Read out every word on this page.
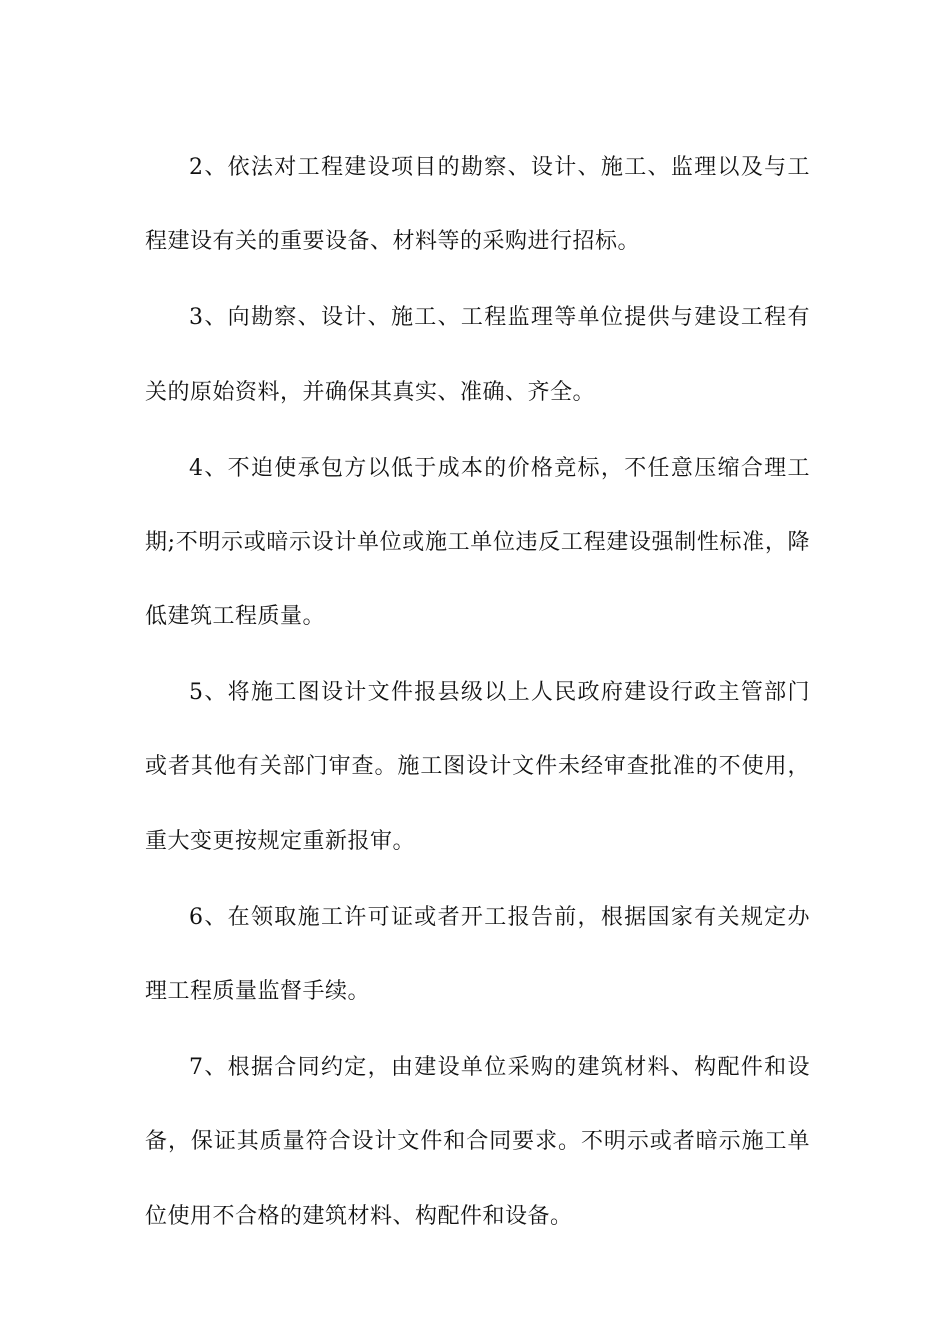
2、依法对工程建设项目的勘察、设计、施工、监理以及与工程建设有关的重要设备、材料等的采购进行招标。

3、向勘察、设计、施工、工程监理等单位提供与建设工程有关的原始资料，并确保其真实、准确、齐全。

4、不迫使承包方以低于成本的价格竞标，不任意压缩合理工期;不明示或暗示设计单位或施工单位违反工程建设强制性标准，降低建筑工程质量。

5、将施工图设计文件报县级以上人民政府建设行政主管部门或者其他有关部门审查。施工图设计文件未经审查批准的不使用，重大变更按规定重新报审。

6、在领取施工许可证或者开工报告前，根据国家有关规定办理工程质量监督手续。

7、根据合同约定，由建设单位采购的建筑材料、构配件和设备，保证其质量符合设计文件和合同要求。不明示或者暗示施工单位使用不合格的建筑材料、构配件和设备。
